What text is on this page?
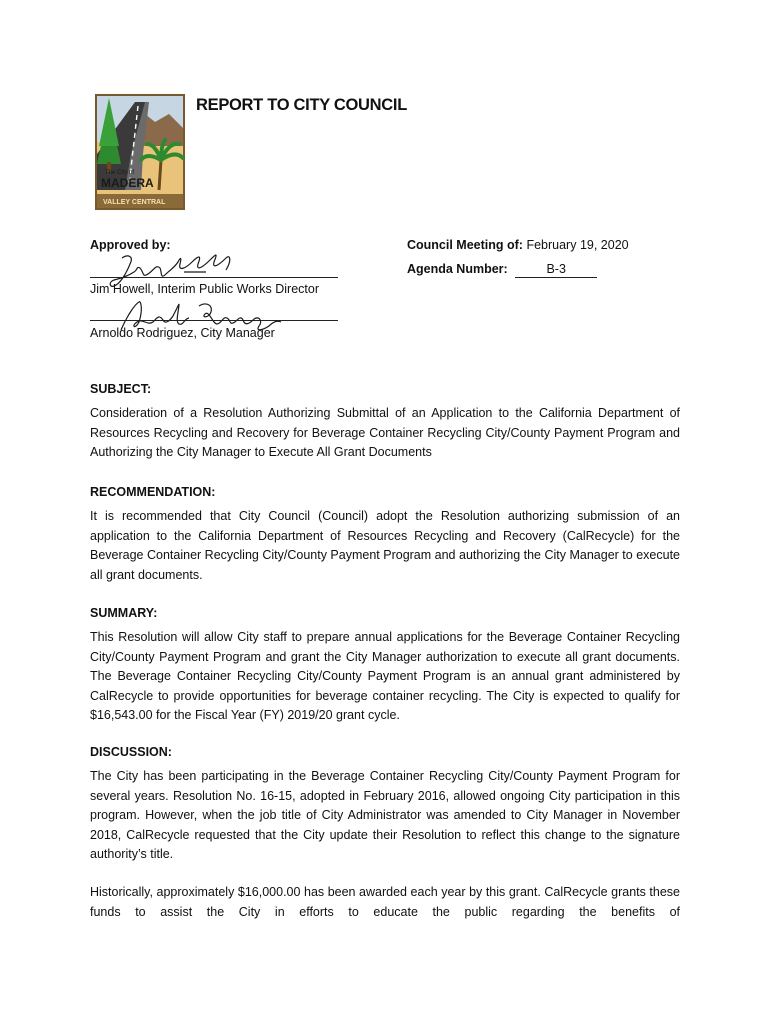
The City of
MADERA
VALLEY CENTRAL
REPORT TO CITY COUNCIL
Approved by:
Jim Howell, Interim Public Works Director
Arnoldo Rodriguez, City Manager
Council Meeting of: February 19, 2020
Agenda Number:	B-3
SUBJECT:

Consideration of a Resolution Authorizing Submittal of an Application to the California Department of Resources Recycling and Recovery for Beverage Container Recycling City/County Payment Program and Authorizing the City Manager to Execute All Grant Documents

RECOMMENDATION:

It is recommended that City Council (Council) adopt the Resolution authorizing submission of an application to the California Department of Resources Recycling and Recovery (CalRecycle) for the Beverage Container Recycling City/County Payment Program and authorizing the City Manager to execute all grant documents.

SUMMARY:

This Resolution will allow City staff to prepare annual applications for the Beverage Container Recycling City/County Payment Program and grant the City Manager authorization to execute all grant documents. The Beverage Container Recycling City/County Payment Program is an annual grant administered by CalRecycle to provide opportunities for beverage container recycling. The City is expected to qualify for $16,543.00 for the Fiscal Year (FY) 2019/20 grant cycle.

DISCUSSION:

The City has been participating in the Beverage Container Recycling City/County Payment Program for several years. Resolution No. 16-15, adopted in February 2016, allowed ongoing City participation in this program. However, when the job title of City Administrator was amended to City Manager in November 2018, CalRecycle requested that the City update their Resolution to reflect this change to the signature authority’s title.

Historically, approximately $16,000.00 has been awarded each year by this grant. CalRecycle grants these funds to assist the City in efforts to educate the public regarding the benefits of
